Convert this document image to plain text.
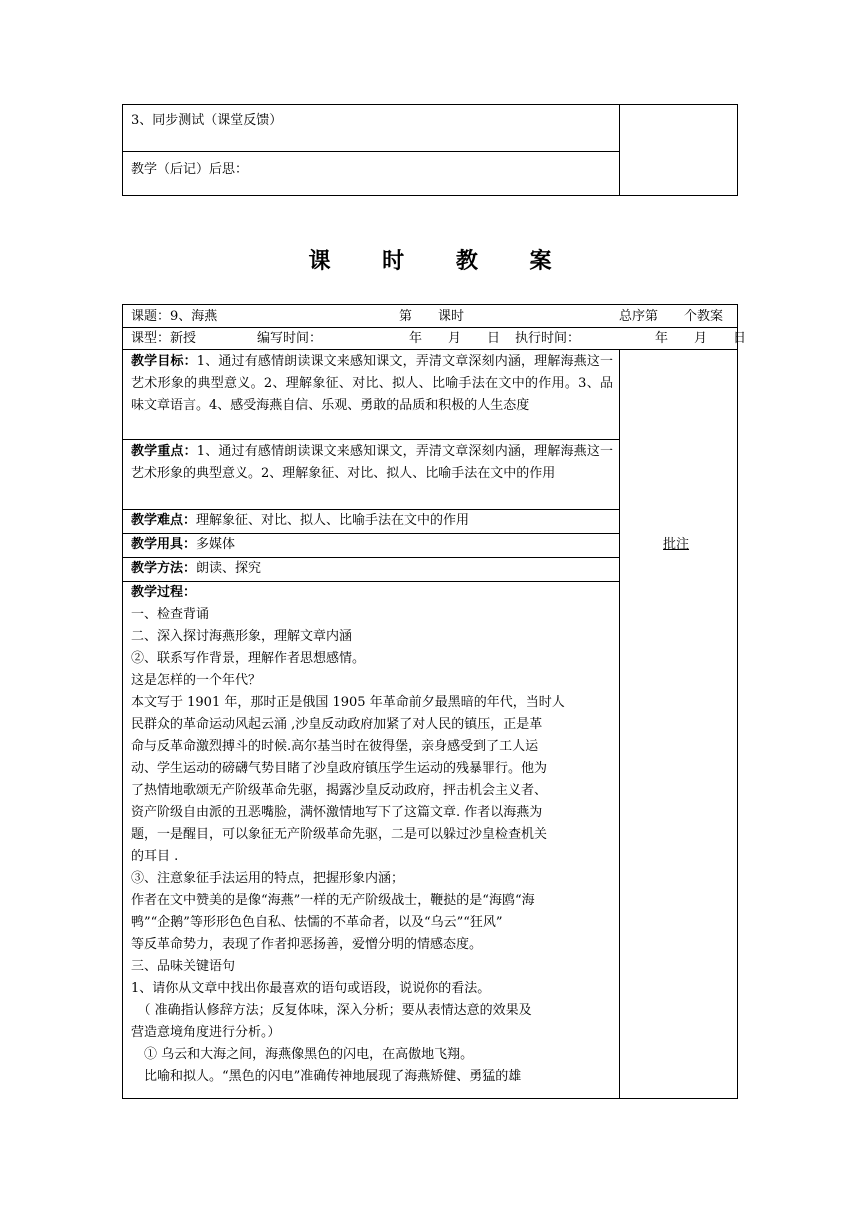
3、同步测试（课堂反馈）
教学（后记）后思：
课 时 教 案
课题：9、海燕	第　　课时	总序第　　个教案
课型：新授	编写时间：	年　　月　　日 执行时间：	年　　月　　日
教学目标：1、通过有感情朗读课文来感知课文，弄清文章深刻内涵，理解海燕这一艺术形象的典型意义。2、理解象征、对比、拟人、比喻手法在文中的作用。3、品味文章语言。4、感受海燕自信、乐观、勇敢的品质和积极的人生态度
教学重点：1、通过有感情朗读课文来感知课文，弄清文章深刻内涵，理解海燕这一艺术形象的典型意义。2、理解象征、对比、拟人、比喻手法在文中的作用
教学难点：理解象征、对比、拟人、比喻手法在文中的作用
教学用具：多媒体
教学方法：朗读、探究
教学过程：
一、检查背诵
二、深入探讨海燕形象，理解文章内涵
②、联系写作背景，理解作者思想感情。
这是怎样的一个年代？
本文写于 1901 年，那时正是俄国 1905 年革命前夕最黑暗的年代，当时人
民群众的革命运动风起云涌 ,沙皇反动政府加紧了对人民的镇压，正是革
命与反革命激烈搏斗的时候.高尔基当时在彼得堡，亲身感受到了工人运
动、学生运动的磅礴气势目睹了沙皇政府镇压学生运动的残暴罪行。他为
了热情地歌颂无产阶级革命先驱，揭露沙皇反动政府，抨击机会主义者、
资产阶级自由派的丑恶嘴脸，满怀激情地写下了这篇文章. 作者以海燕为
题，一是醒目，可以象征无产阶级革命先驱，二是可以躲过沙皇检查机关
的耳目 .
③、注意象征手法运用的特点，把握形象内涵；
作者在文中赞美的是像“海燕”一样的无产阶级战士，鞭挞的是“海鸥“海
鸭”“企鹅”等形形色色自私、怯懦的不革命者，以及“乌云”“狂风”
等反革命势力，表现了作者抑恶扬善，爱憎分明的情感态度。
三、品味关键语句
1、请你从文章中找出你最喜欢的语句或语段，说说你的看法。
　（ 准确指认修辞方法；反复体味，深入分析；要从表情达意的效果及
营造意境角度进行分析。）
　① 乌云和大海之间，海燕像黑色的闪电，在高傲地飞翔。
　比喻和拟人。“黑色的闪电”准确传神地展现了海燕矫健、勇猛的雄
批注
